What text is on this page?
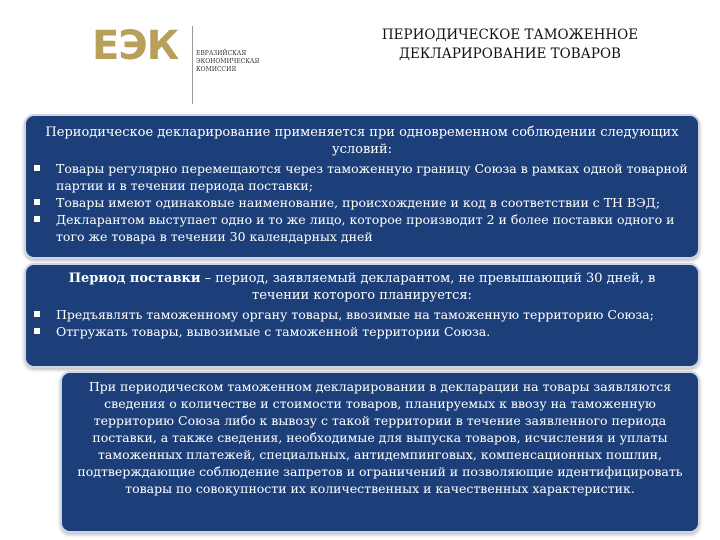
ЕЭК	ЕВРАЗИЙСКАЯ ЭКОНОМИЧЕСКАЯ КОМИССИЯ
ПЕРИОДИЧЕСКОЕ ТАМОЖЕННОЕ
ДЕКЛАРИРОВАНИЕ ТОВАРОВ
Периодическое декларирование применяется при одновременном соблюдении следующих условий:
Товары регулярно перемещаются через таможенную границу Союза в рамках одной товарной партии и в течении периода поставки;
Товары имеют одинаковые наименование, происхождение и код в соответствии с ТН ВЭД;
Декларантом выступает одно и то же лицо, которое производит 2 и более поставки одного и того же товара в течении 30 календарных дней
Период поставки – период, заявляемый декларантом, не превышающий 30 дней, в течении которого планируется:
Предъявлять таможенному органу товары, ввозимые на таможенную территорию Союза;
Отгружать товары, вывозимые с таможенной территории Союза.
При периодическом таможенном декларировании в декларации на товары заявляются сведения о количестве и стоимости товаров, планируемых к ввозу на таможенную территорию Союза либо к вывозу с такой территории в течение заявленного периода поставки, а также сведения, необходимые для выпуска товаров, исчисления и уплаты таможенных платежей, специальных, антидемпинговых, компенсационных пошлин, подтверждающие соблюдение запретов и ограничений и позволяющие идентифицировать товары по совокупности их количественных и качественных характеристик.
